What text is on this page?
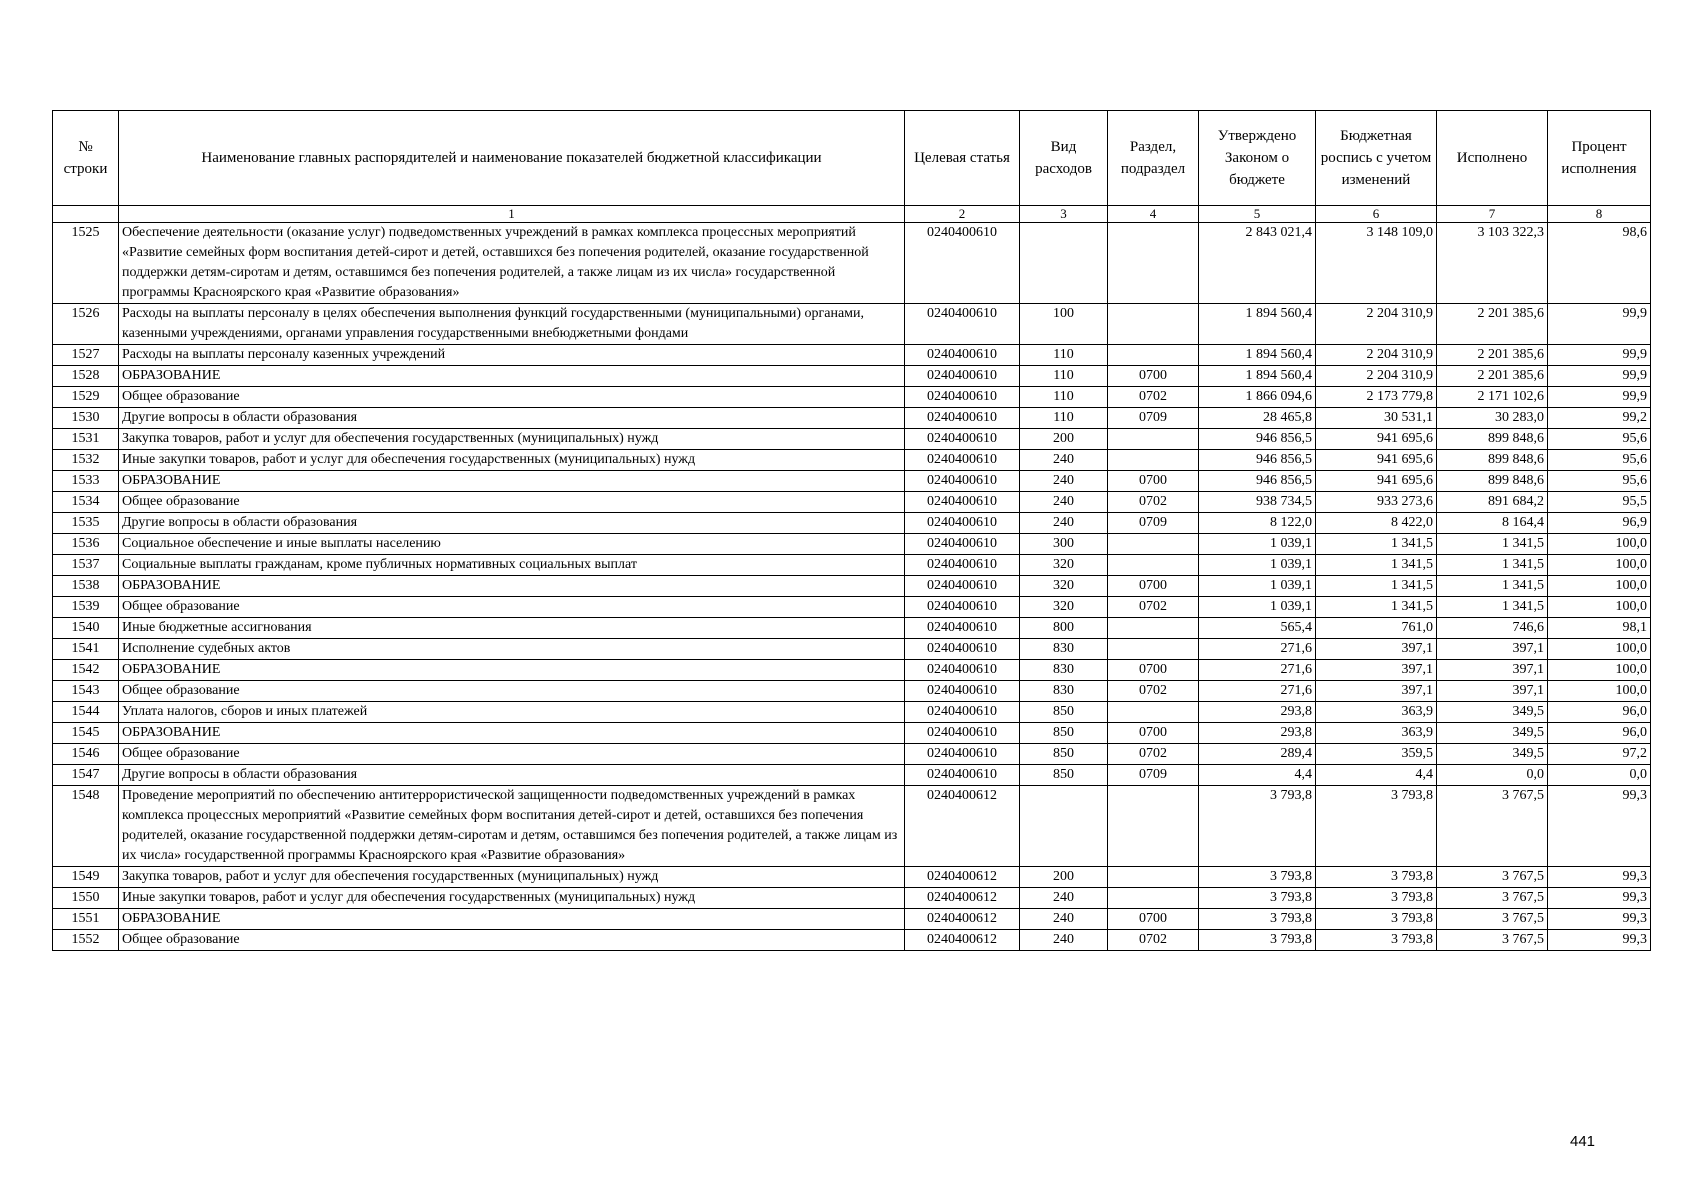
№ строки	Наименование главных распорядителей и наименование показателей бюджетной классификации	Целевая статья	Вид расходов	Раздел, подраздел	Утверждено Законом о бюджете	Бюджетная роспись с учетом изменений	Исполнено	Процент исполнения
	1	2	3	4	5	6	7	8
1525	Обеспечение деятельности (оказание услуг) подведомственных учреждений в рамках комплекса процессных мероприятий «Развитие семейных форм воспитания детей-сирот и детей, оставшихся без попечения родителей, оказание государственной поддержки детям-сиротам и детям, оставшимся без попечения родителей, а также лицам из их числа» государственной программы Красноярского края «Развитие образования»	0240400610			2 843 021,4	3 148 109,0	3 103 322,3	98,6
1526	Расходы на выплаты персоналу в целях обеспечения выполнения функций государственными (муниципальными) органами, казенными учреждениями, органами управления государственными внебюджетными фондами	0240400610	100		1 894 560,4	2 204 310,9	2 201 385,6	99,9
1527	Расходы на выплаты персоналу казенных учреждений	0240400610	110		1 894 560,4	2 204 310,9	2 201 385,6	99,9
1528	ОБРАЗОВАНИЕ	0240400610	110	0700	1 894 560,4	2 204 310,9	2 201 385,6	99,9
1529	Общее образование	0240400610	110	0702	1 866 094,6	2 173 779,8	2 171 102,6	99,9
1530	Другие вопросы в области образования	0240400610	110	0709	28 465,8	30 531,1	30 283,0	99,2
1531	Закупка товаров, работ и услуг для обеспечения государственных (муниципальных) нужд	0240400610	200		946 856,5	941 695,6	899 848,6	95,6
1532	Иные закупки товаров, работ и услуг для обеспечения государственных (муниципальных) нужд	0240400610	240		946 856,5	941 695,6	899 848,6	95,6
1533	ОБРАЗОВАНИЕ	0240400610	240	0700	946 856,5	941 695,6	899 848,6	95,6
1534	Общее образование	0240400610	240	0702	938 734,5	933 273,6	891 684,2	95,5
1535	Другие вопросы в области образования	0240400610	240	0709	8 122,0	8 422,0	8 164,4	96,9
1536	Социальное обеспечение и иные выплаты населению	0240400610	300		1 039,1	1 341,5	1 341,5	100,0
1537	Социальные выплаты гражданам, кроме публичных нормативных социальных выплат	0240400610	320		1 039,1	1 341,5	1 341,5	100,0
1538	ОБРАЗОВАНИЕ	0240400610	320	0700	1 039,1	1 341,5	1 341,5	100,0
1539	Общее образование	0240400610	320	0702	1 039,1	1 341,5	1 341,5	100,0
1540	Иные бюджетные ассигнования	0240400610	800		565,4	761,0	746,6	98,1
1541	Исполнение судебных актов	0240400610	830		271,6	397,1	397,1	100,0
1542	ОБРАЗОВАНИЕ	0240400610	830	0700	271,6	397,1	397,1	100,0
1543	Общее образование	0240400610	830	0702	271,6	397,1	397,1	100,0
1544	Уплата налогов, сборов и иных платежей	0240400610	850		293,8	363,9	349,5	96,0
1545	ОБРАЗОВАНИЕ	0240400610	850	0700	293,8	363,9	349,5	96,0
1546	Общее образование	0240400610	850	0702	289,4	359,5	349,5	97,2
1547	Другие вопросы в области образования	0240400610	850	0709	4,4	4,4	0,0	0,0
1548	Проведение мероприятий по обеспечению антитеррористической защищенности подведомственных учреждений в рамках комплекса процессных мероприятий «Развитие семейных форм воспитания детей-сирот и детей, оставшихся без попечения родителей, оказание государственной поддержки детям-сиротам и детям, оставшимся без попечения родителей, а также лицам из их числа» государственной программы Красноярского края «Развитие образования»	0240400612			3 793,8	3 793,8	3 767,5	99,3
1549	Закупка товаров, работ и услуг для обеспечения государственных (муниципальных) нужд	0240400612	200		3 793,8	3 793,8	3 767,5	99,3
1550	Иные закупки товаров, работ и услуг для обеспечения государственных (муниципальных) нужд	0240400612	240		3 793,8	3 793,8	3 767,5	99,3
1551	ОБРАЗОВАНИЕ	0240400612	240	0700	3 793,8	3 793,8	3 767,5	99,3
1552	Общее образование	0240400612	240	0702	3 793,8	3 793,8	3 767,5	99,3
441
